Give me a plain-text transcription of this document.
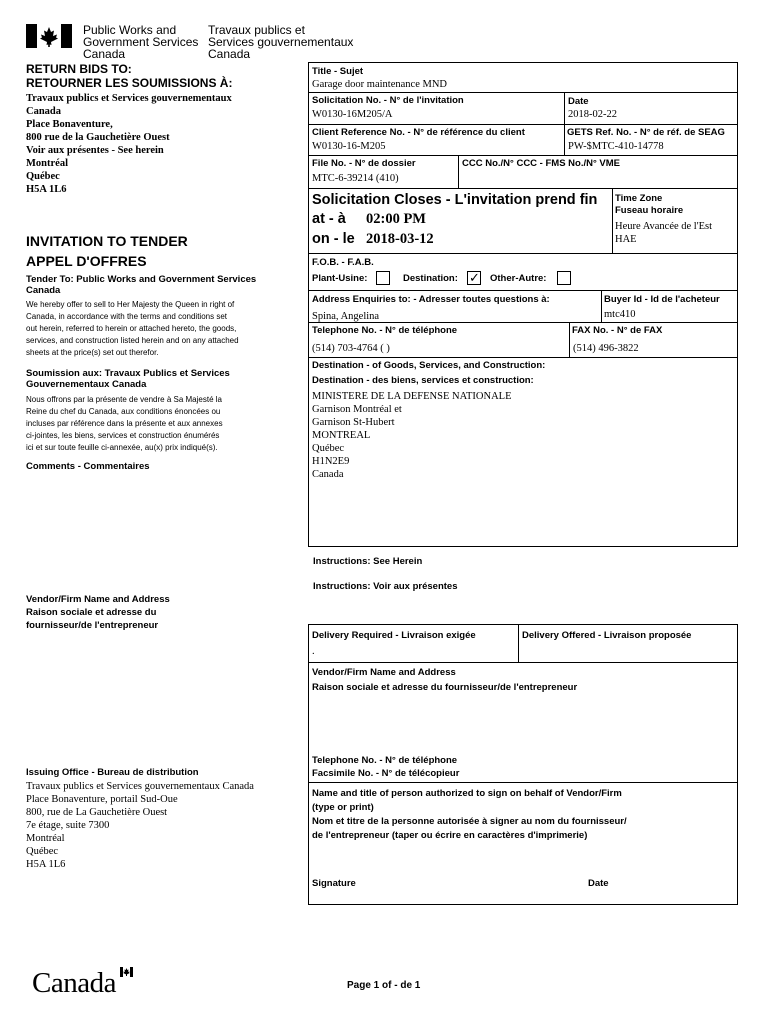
Public Works and
Government Services
Canada
Travaux publics et
Services gouvernementaux
Canada
RETURN BIDS TO:
RETOURNER LES SOUMISSIONS À:
Travaux publics et Services gouvernementaux
Canada
Place Bonaventure,
800 rue de la Gauchetière Ouest
Voir aux présentes - See herein
Montréal
Québec
H5A 1L6
INVITATION TO TENDER
APPEL D'OFFRES
Tender To: Public Works and Government Services
Canada
We hereby offer to sell to Her Majesty the Queen in right of
Canada, in accordance with the terms and conditions set
out herein, referred to herein or attached hereto, the goods,
services, and construction listed herein and on any attached
sheets at the price(s) set out therefor.
Soumission aux: Travaux Publics et Services
Gouvernementaux Canada
Nous offrons par la présente de vendre à Sa Majesté la
Reine du chef du Canada, aux conditions énoncées ou
incluses par référence dans la présente et aux annexes
ci-jointes, les biens, services et construction énumérés
ici et sur toute feuille ci-annexée, au(x) prix indiqué(s).
Comments - Commentaires
Vendor/Firm Name and Address
Raison sociale et adresse du
fournisseur/de l'entrepreneur
Issuing Office - Bureau de distribution
Travaux publics et Services gouvernementaux Canada
Place Bonaventure, portail Sud-Oue
800, rue de La Gauchetière Ouest
7e étage, suite 7300
Montréal
Québec
H5A 1L6
Title - Sujet
Garage door maintenance MND
Solicitation No. - N° de l'invitation
W0130-16M205/A
Date
2018-02-22
Client Reference No. - N° de référence du client
W0130-16-M205
GETS Ref. No. - N° de réf. de SEAG
PW-$MTC-410-14778
File No. - N° de dossier
MTC-6-39214 (410)
CCC No./N° CCC - FMS No./N° VME
Solicitation Closes - L'invitation prend fin
at - à 02:00 PM
on - le 2018-03-12
Time Zone
Fuseau horaire
Heure Avancée de l'Est
HAE
F.O.B. - F.A.B.
Plant-Usine:	Destination: ✓ Other-Autre:
Address Enquiries to: - Adresser toutes questions à:
Spina, Angelina
Buyer Id - Id de l'acheteur
mtc410
Telephone No. - N° de téléphone
(514) 703-4764 ( )
FAX No. - N° de FAX
(514) 496-3822
Destination - of Goods, Services, and Construction:
Destination - des biens, services et construction:
MINISTERE DE LA DEFENSE NATIONALE
Garnison Montréal et
Garnison St-Hubert
MONTREAL
Québec
H1N2E9
Canada
Instructions: See Herein
Instructions: Voir aux présentes
Delivery Required - Livraison exigée
.
Delivery Offered - Livraison proposée
Vendor/Firm Name and Address
Raison sociale et adresse du fournisseur/de l'entrepreneur
Telephone No. - N° de téléphone
Facsimile No. - N° de télécopieur
Name and title of person authorized to sign on behalf of Vendor/Firm
(type or print)
Nom et titre de la personne autorisée à signer au nom du fournisseur/
de l'entrepreneur (taper ou écrire en caractères d'imprimerie)
Signature	Date
Canada	Page 1 of - de 1
